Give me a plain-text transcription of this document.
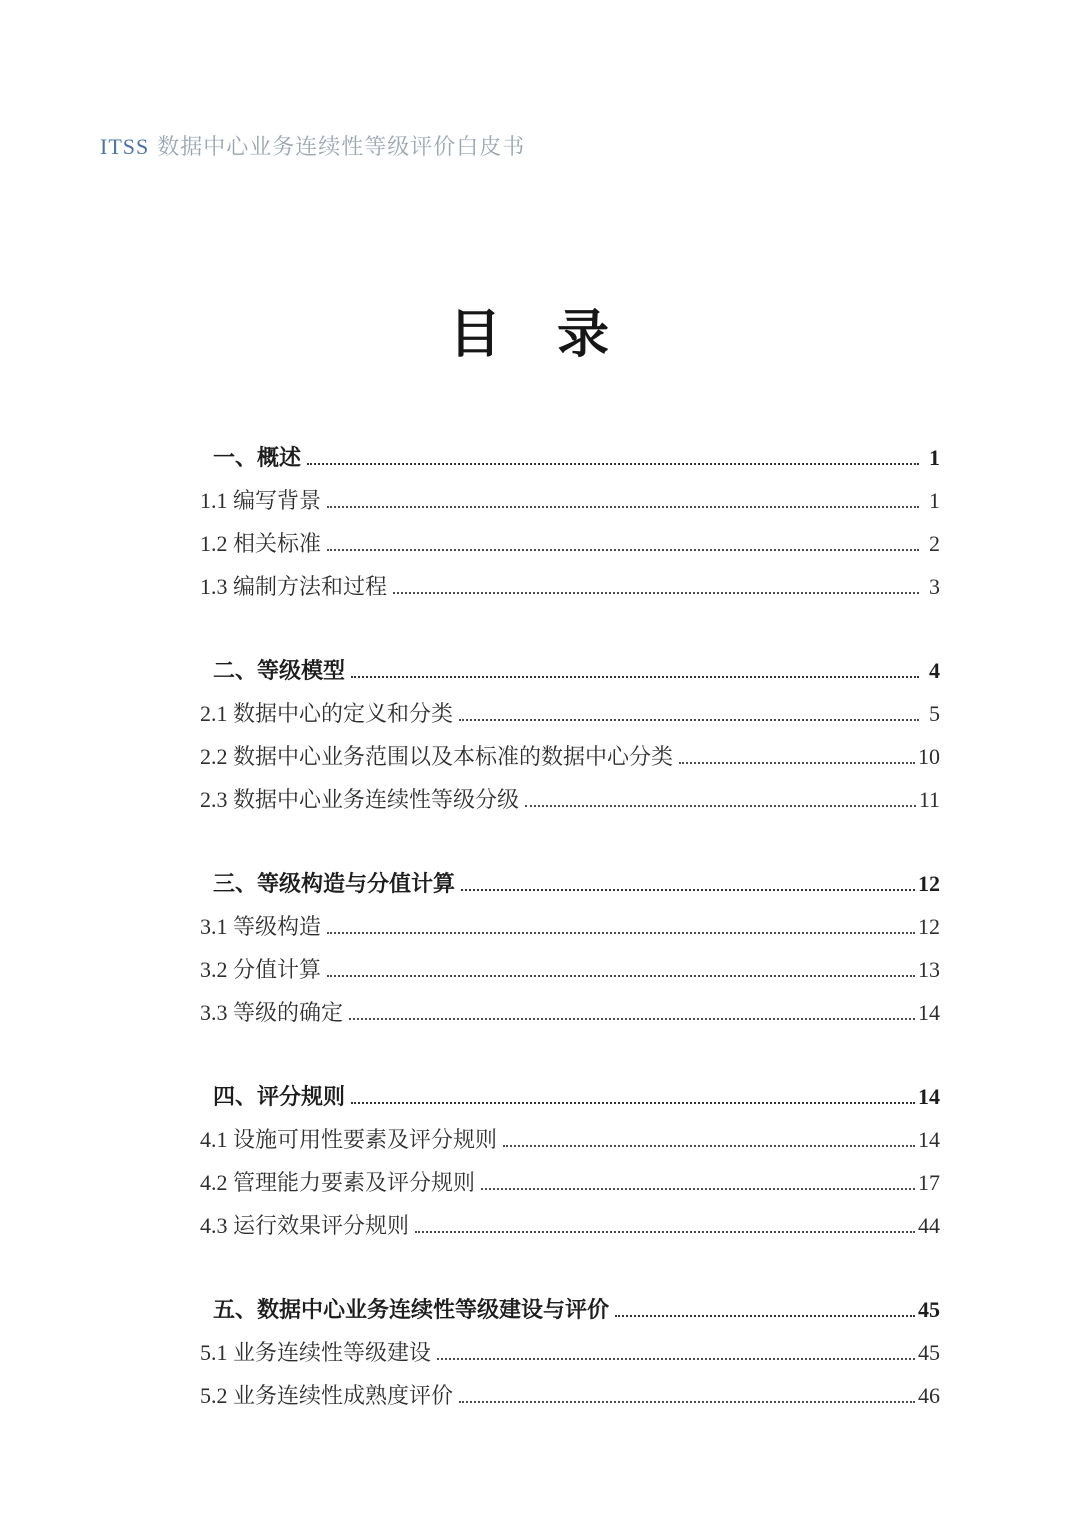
ITSS 数据中心业务连续性等级评价白皮书
目　录
一、概述	1
1.1 编写背景	1
1.2 相关标准	2
1.3 编制方法和过程	3
二、等级模型	4
2.1 数据中心的定义和分类	5
2.2 数据中心业务范围以及本标准的数据中心分类	10
2.3 数据中心业务连续性等级分级	11
三、等级构造与分值计算	12
3.1 等级构造	12
3.2 分值计算	13
3.3 等级的确定	14
四、评分规则	14
4.1 设施可用性要素及评分规则	14
4.2 管理能力要素及评分规则	17
4.3 运行效果评分规则	44
五、数据中心业务连续性等级建设与评价	45
5.1 业务连续性等级建设	45
5.2 业务连续性成熟度评价	46
